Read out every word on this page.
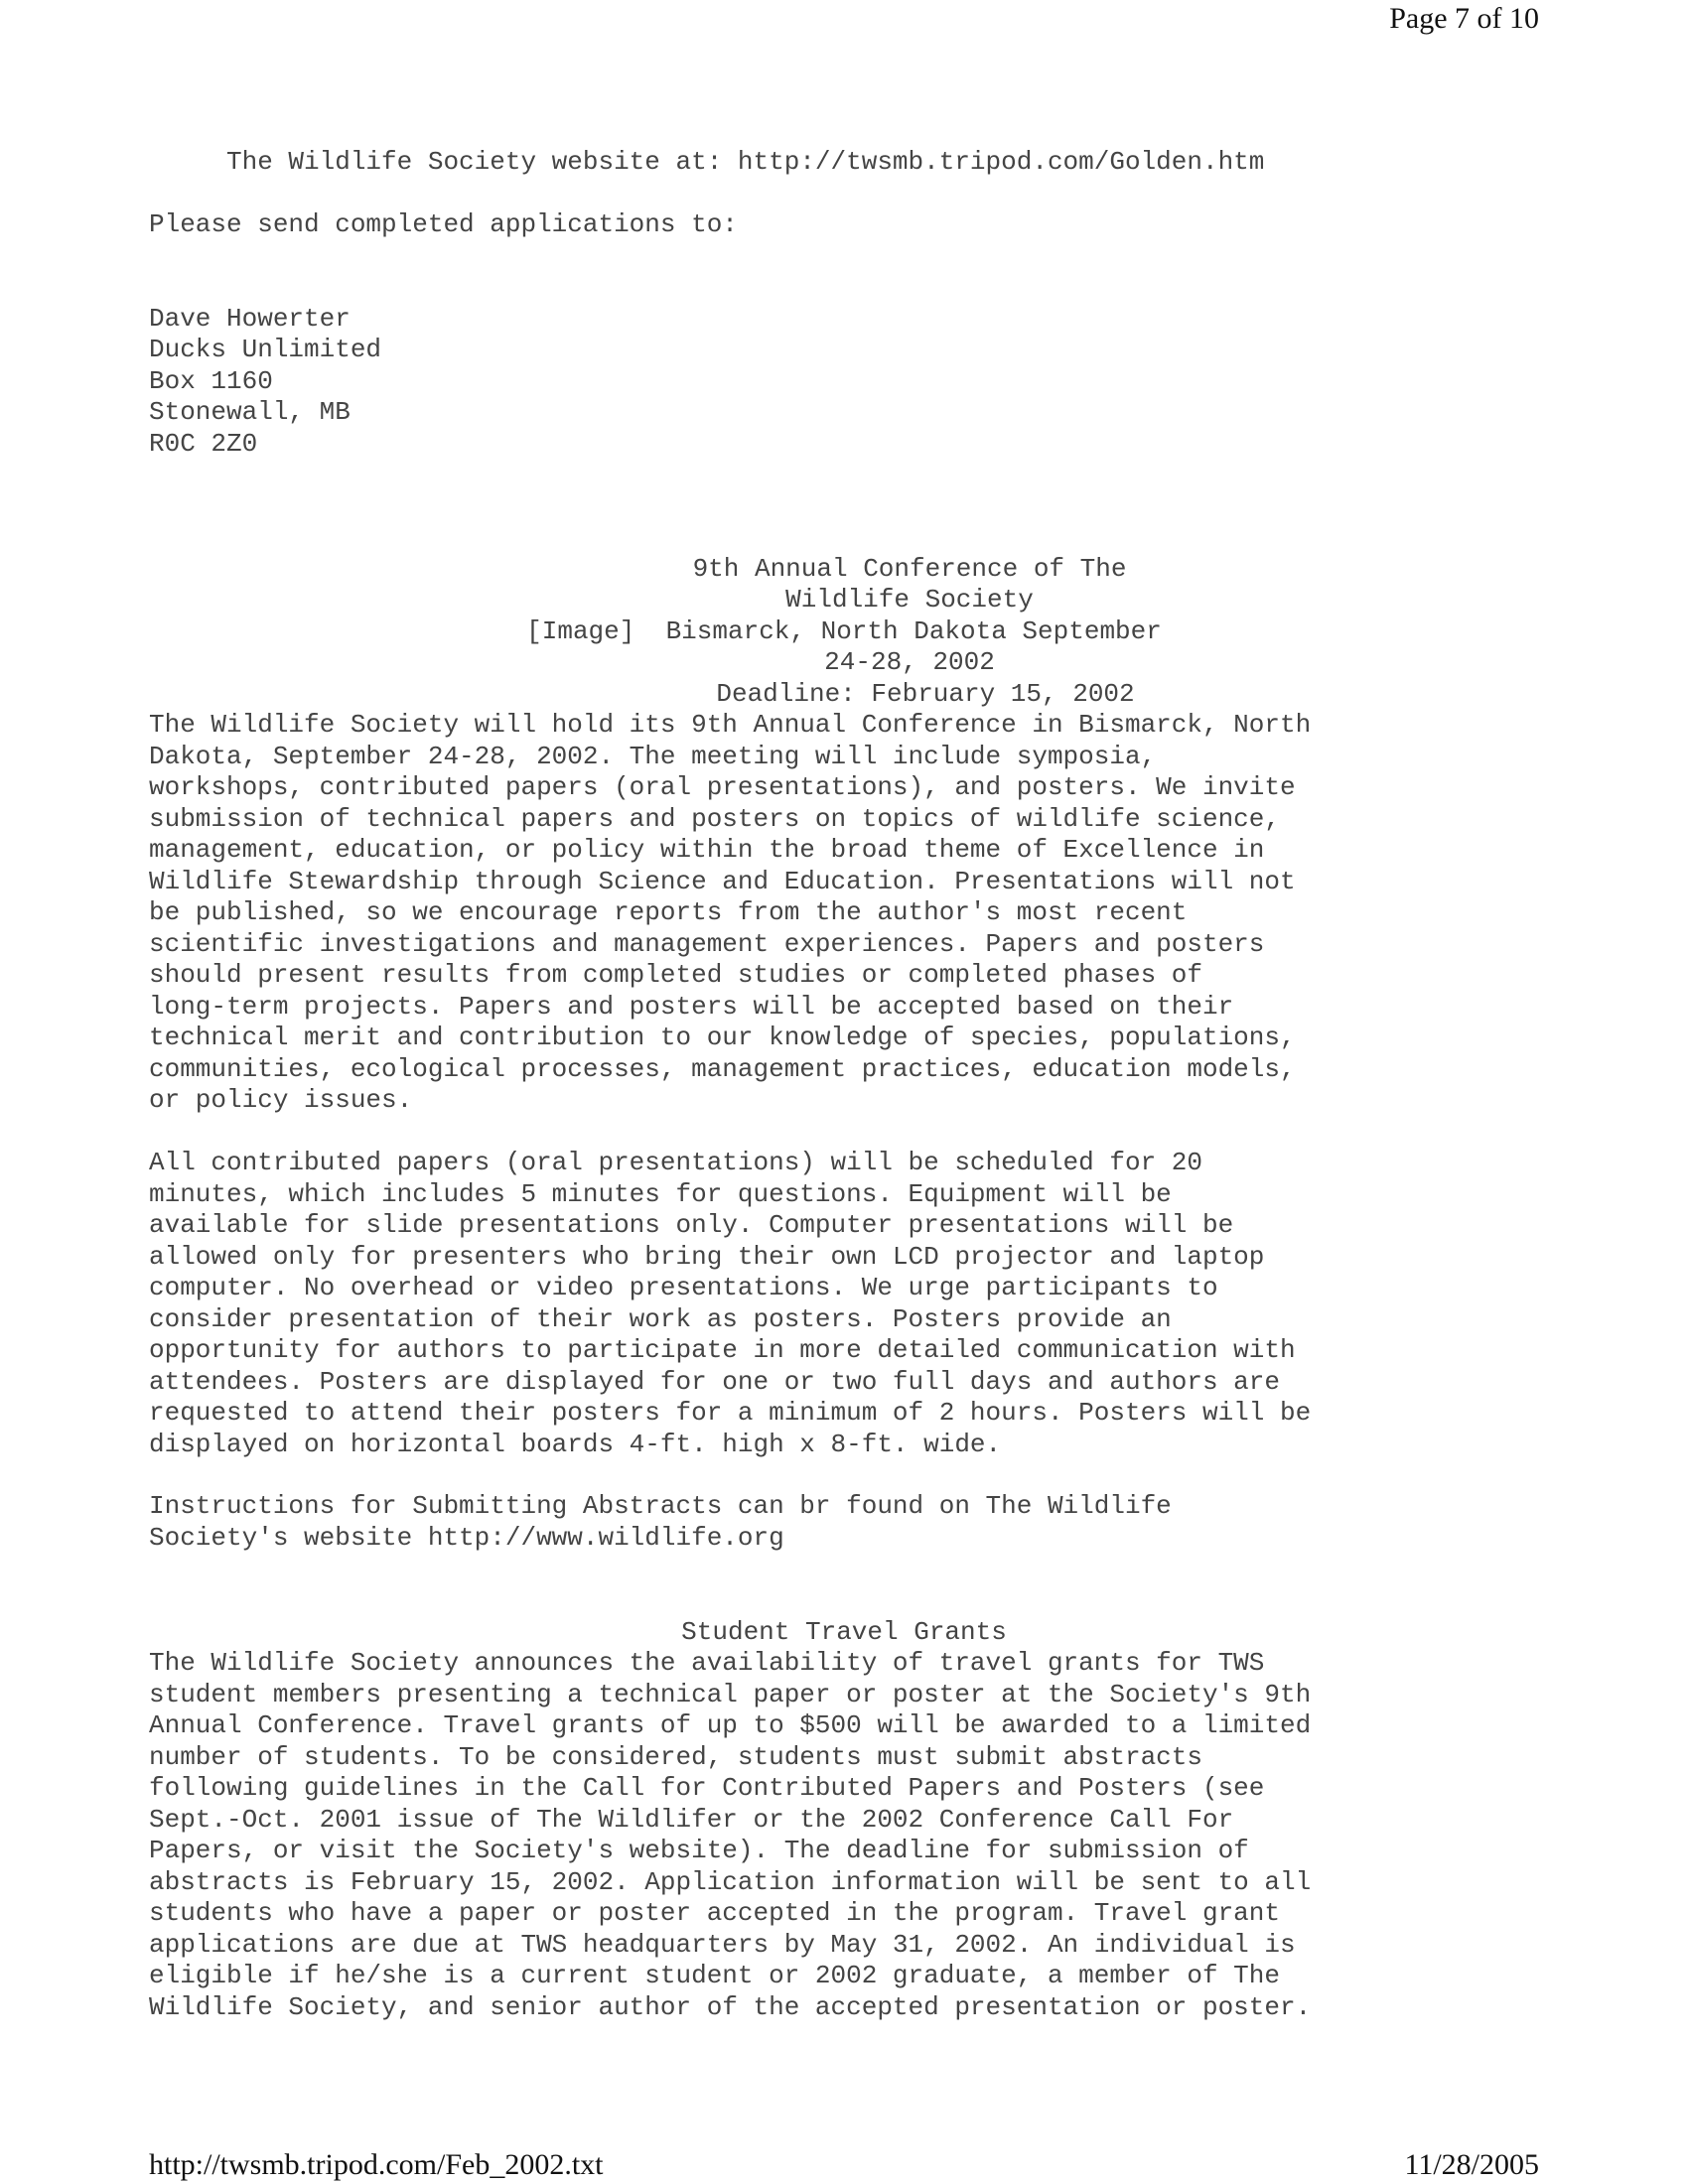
Page 7 of 10
The Wildlife Society website at: http://twsmb.tripod.com/Golden.htm
Please send completed applications to:

Dave Howerter
Ducks Unlimited
Box 1160
Stonewall, MB
R0C 2Z0

9th Annual Conference of The
Wildlife Society
[Image] Bismarck, North Dakota September
24-28, 2002
Deadline: February 15, 2002

The Wildlife Society will hold its 9th Annual Conference in Bismarck, North
Dakota, September 24-28, 2002. The meeting will include symposia,
workshops, contributed papers (oral presentations), and posters. We invite
submission of technical papers and posters on topics of wildlife science,
management, education, or policy within the broad theme of Excellence in
Wildlife Stewardship through Science and Education. Presentations will not
be published, so we encourage reports from the author's most recent
scientific investigations and management experiences. Papers and posters
should present results from completed studies or completed phases of
long-term projects. Papers and posters will be accepted based on their
technical merit and contribution to our knowledge of species, populations,
communities, ecological processes, management practices, education models,
or policy issues.
All contributed papers (oral presentations) will be scheduled for 20
minutes, which includes 5 minutes for questions. Equipment will be
available for slide presentations only. Computer presentations will be
allowed only for presenters who bring their own LCD projector and laptop
computer. No overhead or video presentations. We urge participants to
consider presentation of their work as posters. Posters provide an
opportunity for authors to participate in more detailed communication with
attendees. Posters are displayed for one or two full days and authors are
requested to attend their posters for a minimum of 2 hours. Posters will be
displayed on horizontal boards 4-ft. high x 8-ft. wide.
Instructions for Submitting Abstracts can br found on The Wildlife
Society's website http://www.wildlife.org

Student Travel Grants

The Wildlife Society announces the availability of travel grants for TWS
student members presenting a technical paper or poster at the Society's 9th
Annual Conference. Travel grants of up to $500 will be awarded to a limited
number of students. To be considered, students must submit abstracts
following guidelines in the Call for Contributed Papers and Posters (see
Sept.-Oct. 2001 issue of The Wildlifer or the 2002 Conference Call For
Papers, or visit the Society's website). The deadline for submission of
abstracts is February 15, 2002. Application information will be sent to all
students who have a paper or poster accepted in the program. Travel grant
applications are due at TWS headquarters by May 31, 2002. An individual is
eligible if he/she is a current student or 2002 graduate, a member of The
Wildlife Society, and senior author of the accepted presentation or poster.
http://twsmb.tripod.com/Feb_2002.txt	11/28/2005
